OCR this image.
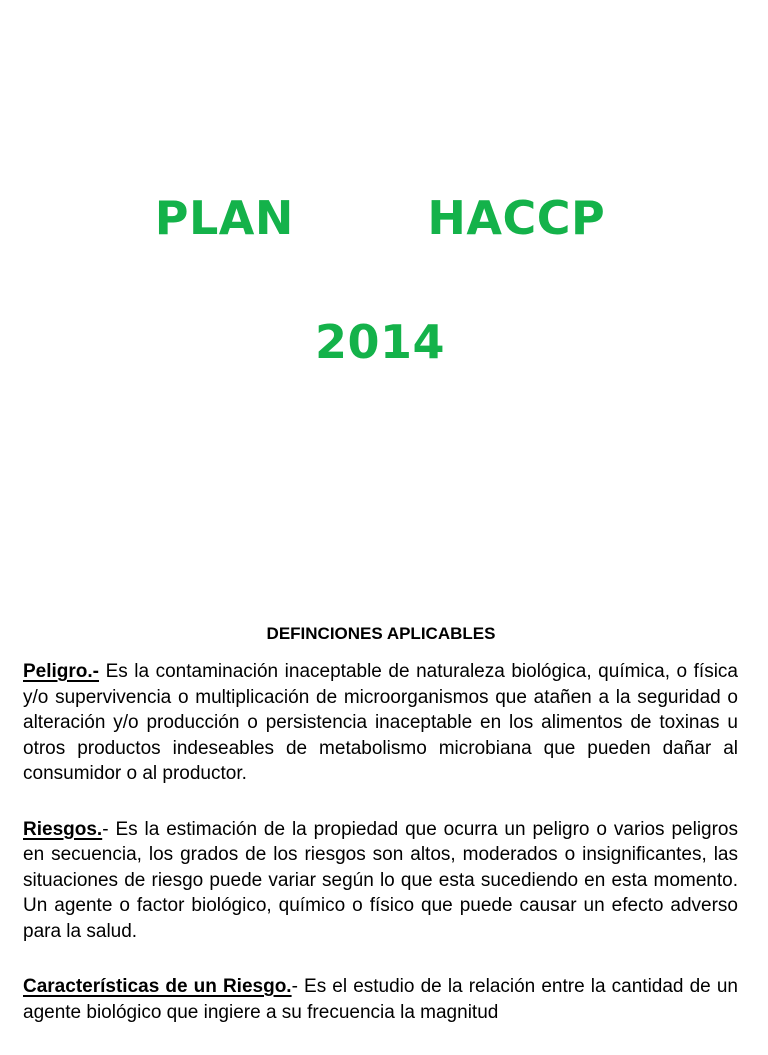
PLAN   HACCP
2014
DEFINCIONES APLICABLES

Peligro.- Es la contaminación inaceptable de naturaleza biológica, química, o física y/o supervivencia o multiplicación de microorganismos que atañen a la seguridad o alteración y/o producción o persistencia inaceptable en los alimentos de toxinas u otros productos indeseables de metabolismo microbiana que pueden dañar al consumidor o al productor.

Riesgos.- Es la estimación de la propiedad que ocurra un peligro o varios peligros en secuencia, los grados de los riesgos son altos, moderados o insignificantes, las situaciones de riesgo puede variar según lo que esta sucediendo en esta momento. Un agente o factor biológico, químico o físico que puede causar un efecto adverso para la salud.

Características de un Riesgo.- Es el estudio de la relación entre la cantidad de un agente biológico que ingiere a su frecuencia la magnitud
